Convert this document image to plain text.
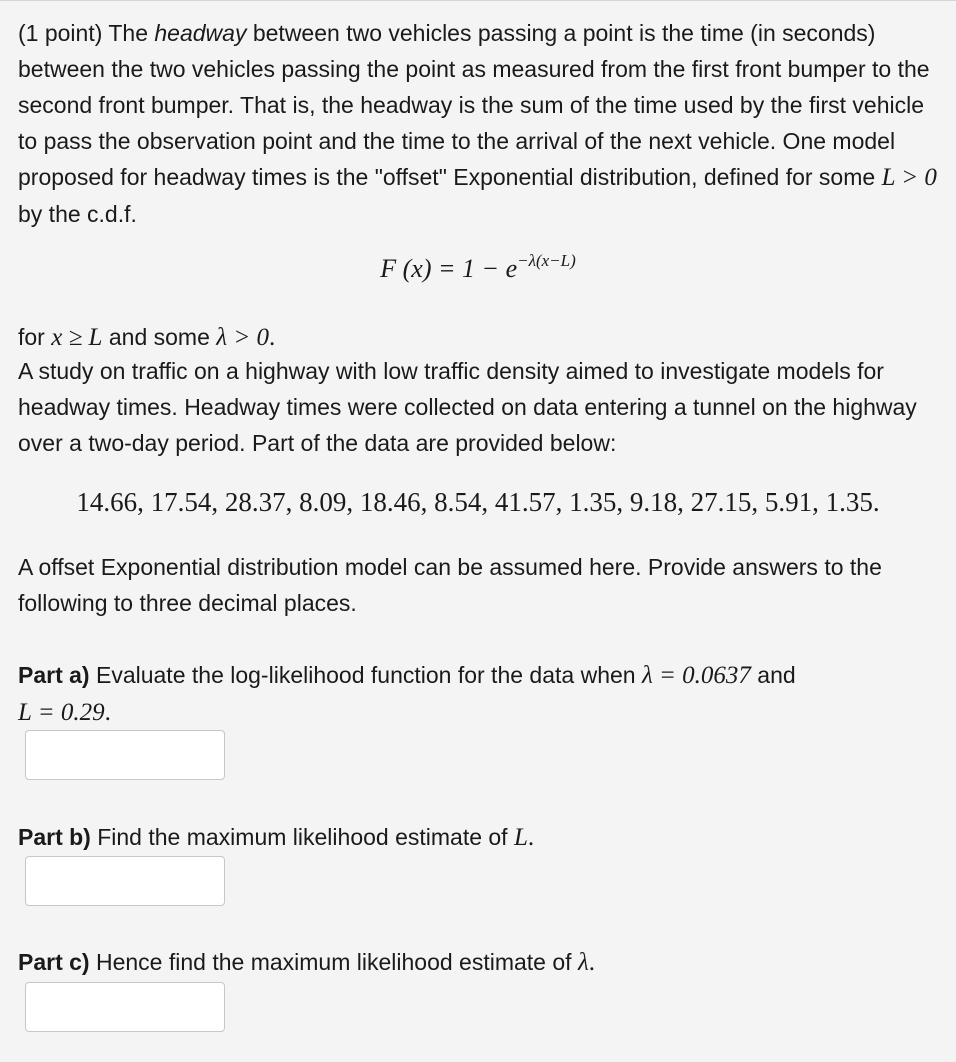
(1 point) The headway between two vehicles passing a point is the time (in seconds) between the two vehicles passing the point as measured from the first front bumper to the second front bumper. That is, the headway is the sum of the time used by the first vehicle to pass the observation point and the time to the arrival of the next vehicle. One model proposed for headway times is the "offset" Exponential distribution, defined for some L > 0 by the c.d.f.

F $(x) = 1 - e^{-\lambda(x-L)}$
for x ≥ L and some λ > 0.

A study on traffic on a highway with low traffic density aimed to investigate models for headway times. Headway times were collected on data entering a tunnel on the highway over a two-day period. Part of the data are provided below:

14.66, 17.54, 28.37, 8.09, 18.46, 8.54, 41.57, 1.35, 9.18, 27.15, 5.91, 1.35.

A offset Exponential distribution model can be assumed here. Provide answers to the following to three decimal places.

Part a) Evaluate the log-likelihood function for the data when λ = 0.0637 and
L = 0.29.

Part b) Find the maximum likelihood estimate of L.

Part c) Hence find the maximum likelihood estimate of λ.
